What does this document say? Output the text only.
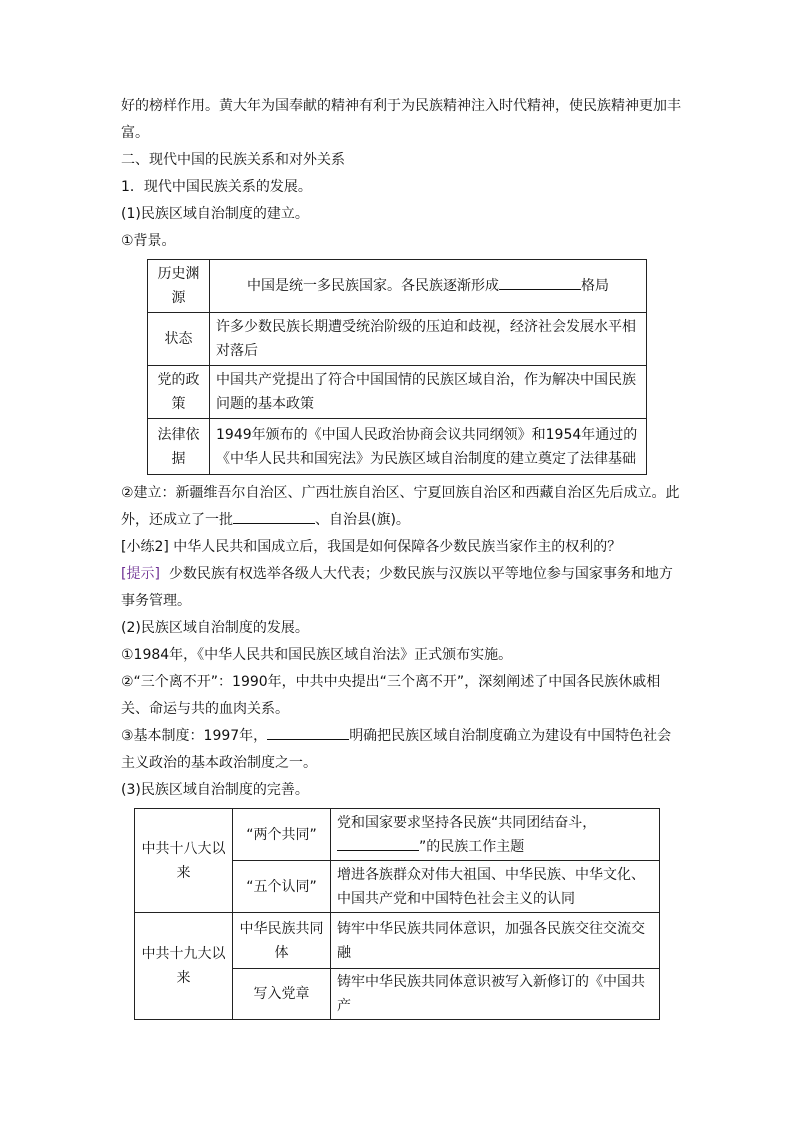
好的榜样作用。黄大年为国奉献的精神有利于为民族精神注入时代精神，使民族精神更加丰

富。

二、现代中国的民族关系和对外关系

1．现代中国民族关系的发展。

(1)民族区域自治制度的建立。

①背景。

历史渊源	中国是统一多民族国家。各民族逐渐形成 格局
状态	许多少数民族长期遭受统治阶级的压迫和歧视，经济社会发展水平相对落后
党的政策	中国共产党提出了符合中国国情的民族区域自治，作为解决中国民族问题的基本政策
法律依据	1949年颁布的《中国人民政治协商会议共同纲领》和1954年通过的《中华人民共和国宪法》为民族区域自治制度的建立奠定了法律基础

②建立：新疆维吾尔自治区、广西壮族自治区、宁夏回族自治区和西藏自治区先后成立。此

外，还成立了一批	、自治县(旗)。

[小练2] 中华人民共和国成立后，我国是如何保障各少数民族当家作主的权利的？

[提示] 少数民族有权选举各级人大代表；少数民族与汉族以平等地位参与国家事务和地方

事务管理。

(2)民族区域自治制度的发展。

①1984年，《中华人民共和国民族区域自治法》正式颁布实施。

②“三个离不开”：1990年，中共中央提出“三个离不开”，深刻阐述了中国各民族休戚相

关、命运与共的血肉关系。

③基本制度：1997年，	明确把民族区域自治制度确立为建设有中国特色社会

主义政治的基本政治制度之一。

(3)民族区域自治制度的完善。

中共十八大以来	“两个共同”	党和国家要求坚持各民族“共同团结奋斗，
”的民族工作主题
	“五个认同”	增进各族群众对伟大祖国、中华民族、中华文化、中国共产党和中国特色社会主义的认同
中共十九大以来	中华民族共同体	铸牢中华民族共同体意识，加强各民族交往交流交融
	写入党章	铸牢中华民族共同体意识被写入新修订的《中国共产
